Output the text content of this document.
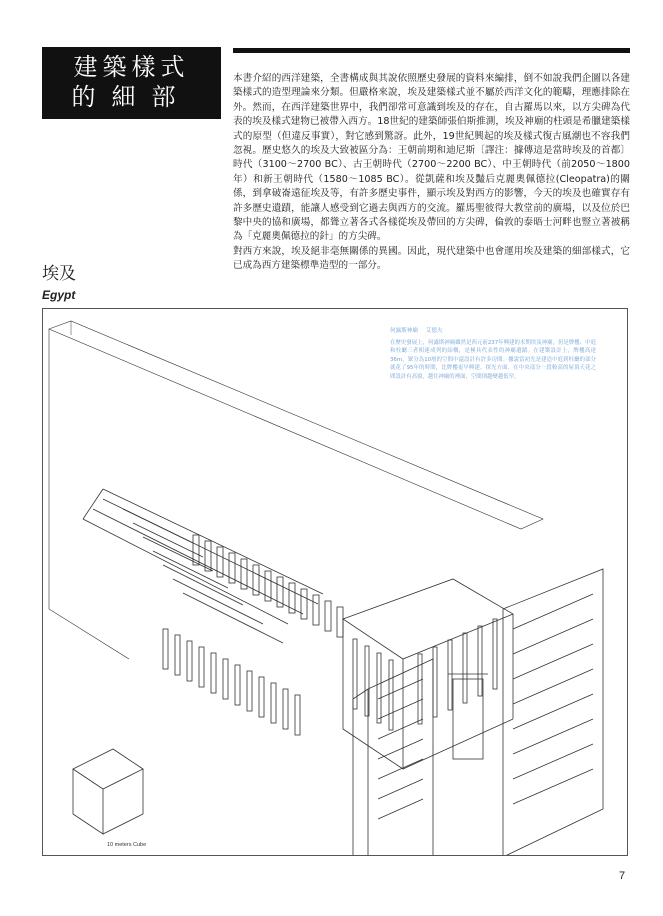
建築樣式
的細部

本書介紹的西洋建築，全書構成與其說依照歷史發展的資料來編排，倒不如說我們企圖以各建築樣式的造型理論來分類。但嚴格來說，埃及建築樣式並不屬於西洋文化的範疇，理應排除在外。然而，在西洋建築世界中，我們卻常可意識到埃及的存在，自古羅馬以來，以方尖碑為代表的埃及樣式建物已被帶入西方。18世紀的建築師張伯斯推測，埃及神廟的柱頭是希臘建築樣式的原型（但違反事實），對它感到驚訝。此外，19世紀興起的埃及樣式復古風潮也不容我們忽視。歷史悠久的埃及大致被區分為：王朝前期和迪尼斯〔譯注：據傳這是當時埃及的首都〕時代（3100～2700 BC）、古王朝時代（2700～2200 BC）、中王朝時代（前2050～1800年）和新王朝時代（1580～1085 BC）。從凱薩和埃及豔后克麗奧佩德拉(Cleopatra)的關係，到拿破崙遠征埃及等，有許多歷史事件，顯示埃及對西方的影響，今天的埃及也確實存有許多歷史遺蹟，能讓人感受到它過去與西方的交流。羅馬聖彼得大教堂前的廣場，以及位於巴黎中央的協和廣場，都聳立著各式各樣從埃及帶回的方尖碑，倫敦的泰晤士河畔也豎立著被稱為「克麗奧佩德拉的針」的方尖碑。

對西方來說，埃及絕非毫無關係的異國。因此，現代建築中也會運用埃及建築的細部樣式，它已成為西方建築標準造型的一部分。

埃及
Egypt
10 meters Cube

何露斯神廟 艾德夫

在歷史發展上，何露斯神廟雖然是西元前237年興建的末期埃及神廟，但是牌樓、中庭和柱廳三者相連成列的結構，是極具代表性的神廟遺蹟。在建築設計上，牌樓高達36m，眾分為10層的空間中還設計有許多房間。據說當初光是建造中庭到柱廳的部分就花了95年的時間，比牌樓更早興建。探光方面，在中央部分一段較高的屋頂天花之間設計有高窗，越往神廟的裡面，空間則越變越低窄。

7
